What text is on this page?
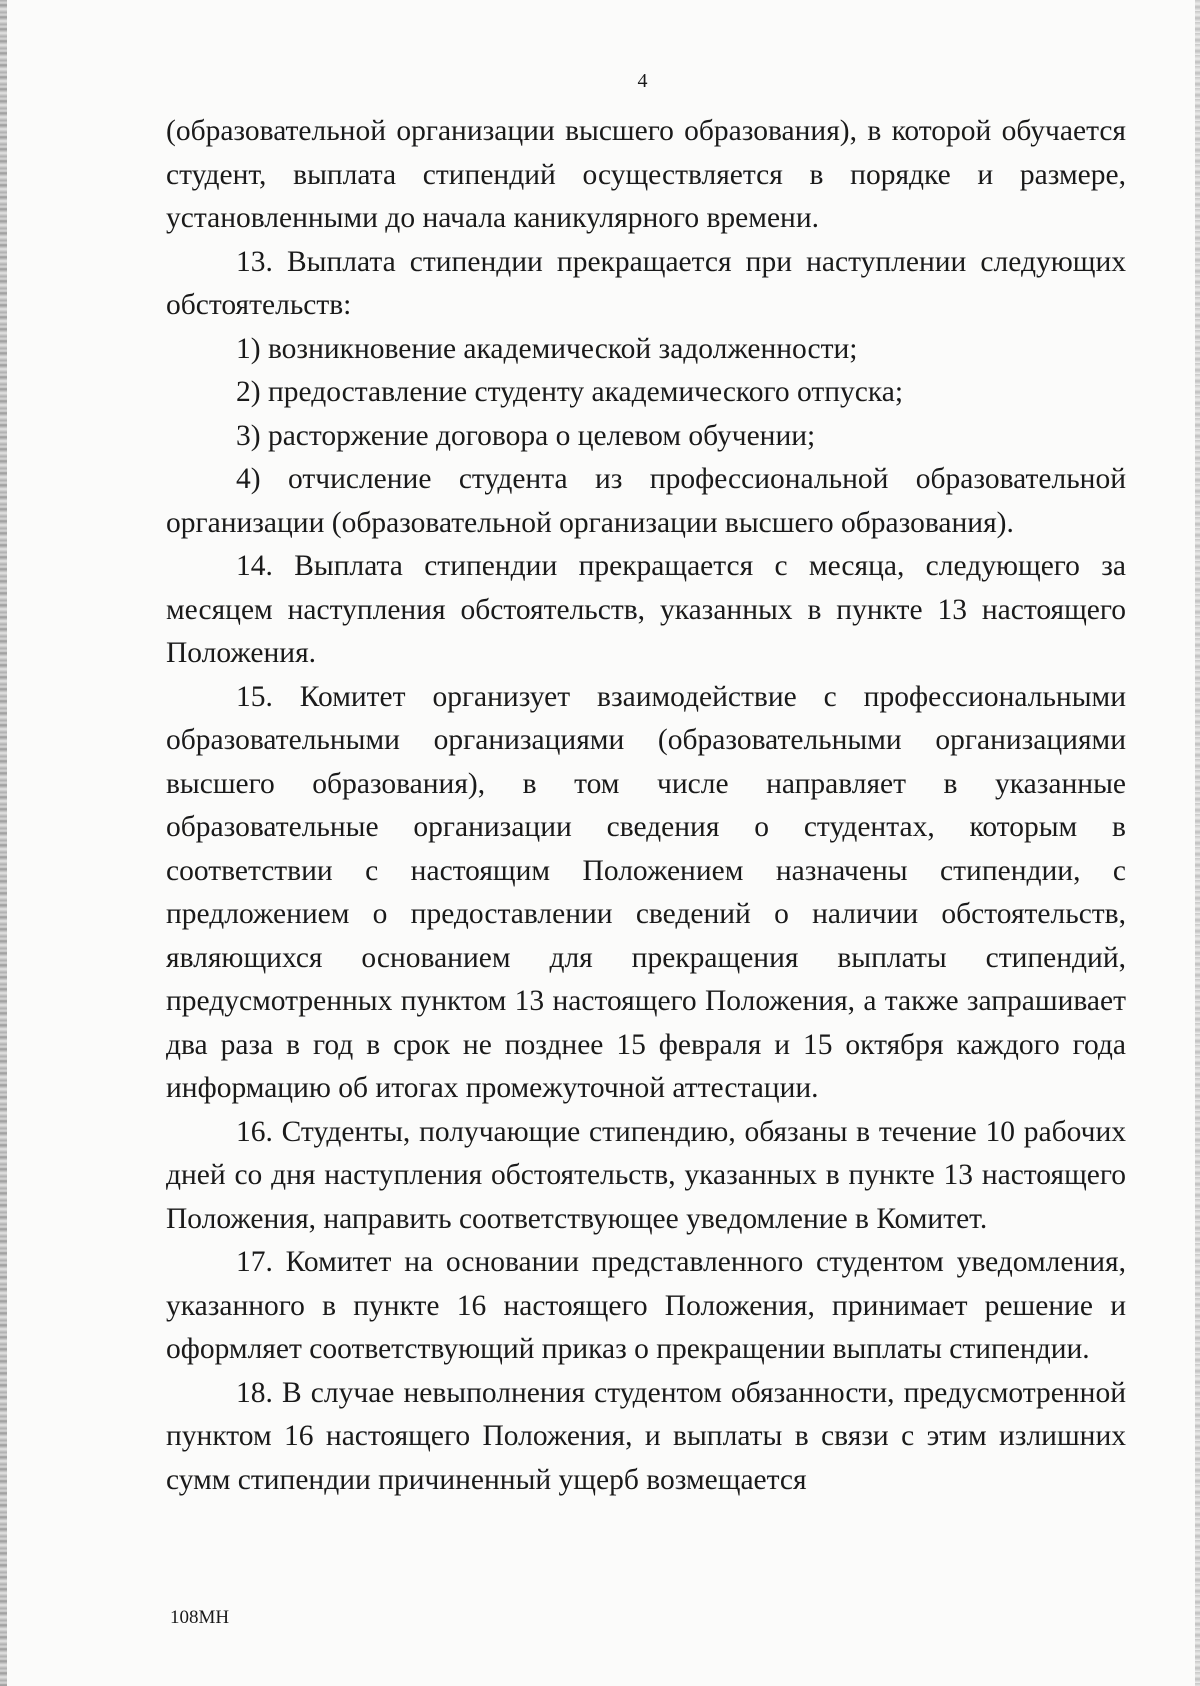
4

(образовательной организации высшего образования), в которой обучается студент, выплата стипендий осуществляется в порядке и размере, установленными до начала каникулярного времени.

13. Выплата стипендии прекращается при наступлении следующих обстоятельств:

1) возникновение академической задолженности;

2) предоставление студенту академического отпуска;

3) расторжение договора о целевом обучении;

4) отчисление студента из профессиональной образовательной организации (образовательной организации высшего образования).

14. Выплата стипендии прекращается с месяца, следующего за месяцем наступления обстоятельств, указанных в пункте 13 настоящего Положения.

15. Комитет организует взаимодействие с профессиональными образовательными организациями (образовательными организациями высшего образования), в том числе направляет в указанные образовательные организации сведения о студентах, которым в соответствии с настоящим Положением назначены стипендии, с предложением о предоставлении сведений о наличии обстоятельств, являющихся основанием для прекращения выплаты стипендий, предусмотренных пунктом 13 настоящего Положения, а также запрашивает два раза в год в срок не позднее 15 февраля и 15 октября каждого года информацию об итогах промежуточной аттестации.

16. Студенты, получающие стипендию, обязаны в течение 10 рабочих дней со дня наступления обстоятельств, указанных в пункте 13 настоящего Положения, направить соответствующее уведомление в Комитет.

17. Комитет на основании представленного студентом уведомления, указанного в пункте 16 настоящего Положения, принимает решение и оформляет соответствующий приказ о прекращении выплаты стипендии.

18. В случае невыполнения студентом обязанности, предусмотренной пунктом 16 настоящего Положения, и выплаты в связи с этим излишних сумм стипендии причиненный ущерб возмещается

108МН
